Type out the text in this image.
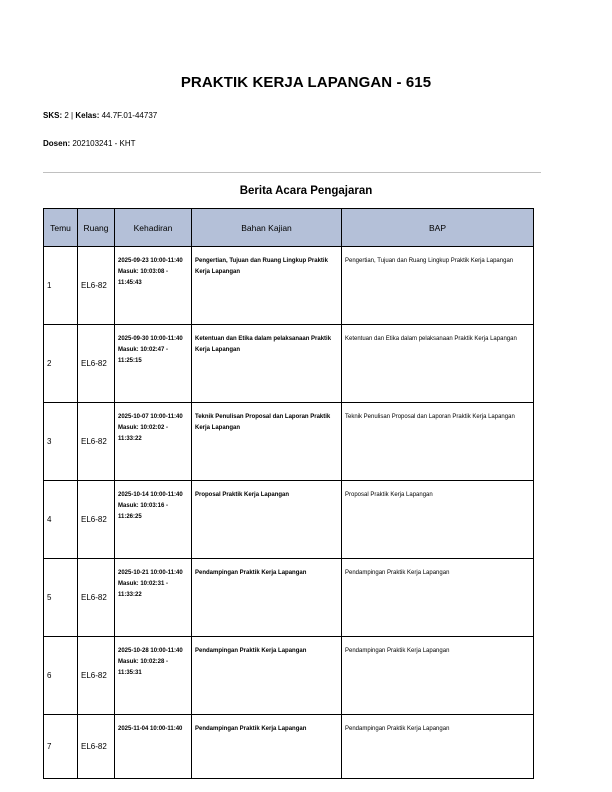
PRAKTIK KERJA LAPANGAN - 615
SKS: 2 | Kelas: 44.7F.01-44737
Dosen: 202103241 - KHT
Berita Acara Pengajaran
Temu	Ruang	Kehadiran	Bahan Kajian	BAP
1	EL6-82	2025-09-23 10:00-11:40 Masuk: 10:03:08 - 11:45:43	Pengertian, Tujuan dan Ruang Lingkup Praktik Kerja Lapangan	Pengertian, Tujuan dan Ruang Lingkup Praktik Kerja Lapangan
2	EL6-82	2025-09-30 10:00-11:40 Masuk: 10:02:47 - 11:25:15	Ketentuan dan Etika dalam pelaksanaan Praktik Kerja Lapangan	Ketentuan dan Etika dalam pelaksanaan Praktik Kerja Lapangan
3	EL6-82	2025-10-07 10:00-11:40 Masuk: 10:02:02 - 11:33:22	Teknik Penulisan Proposal dan Laporan Praktik Kerja Lapangan	Teknik Penulisan Proposal dan Laporan Praktik Kerja Lapangan
4	EL6-82	2025-10-14 10:00-11:40 Masuk: 10:03:16 - 11:26:25	Proposal Praktik Kerja Lapangan	Proposal Praktik Kerja Lapangan
5	EL6-82	2025-10-21 10:00-11:40 Masuk: 10:02:31 - 11:33:22	Pendampingan Praktik Kerja Lapangan	Pendampingan Praktik Kerja Lapangan
6	EL6-82	2025-10-28 10:00-11:40 Masuk: 10:02:28 - 11:35:31	Pendampingan Praktik Kerja Lapangan	Pendampingan Praktik Kerja Lapangan
7	EL6-82	2025-11-04 10:00-11:40	Pendampingan Praktik Kerja Lapangan	Pendampingan Praktik Kerja Lapangan
